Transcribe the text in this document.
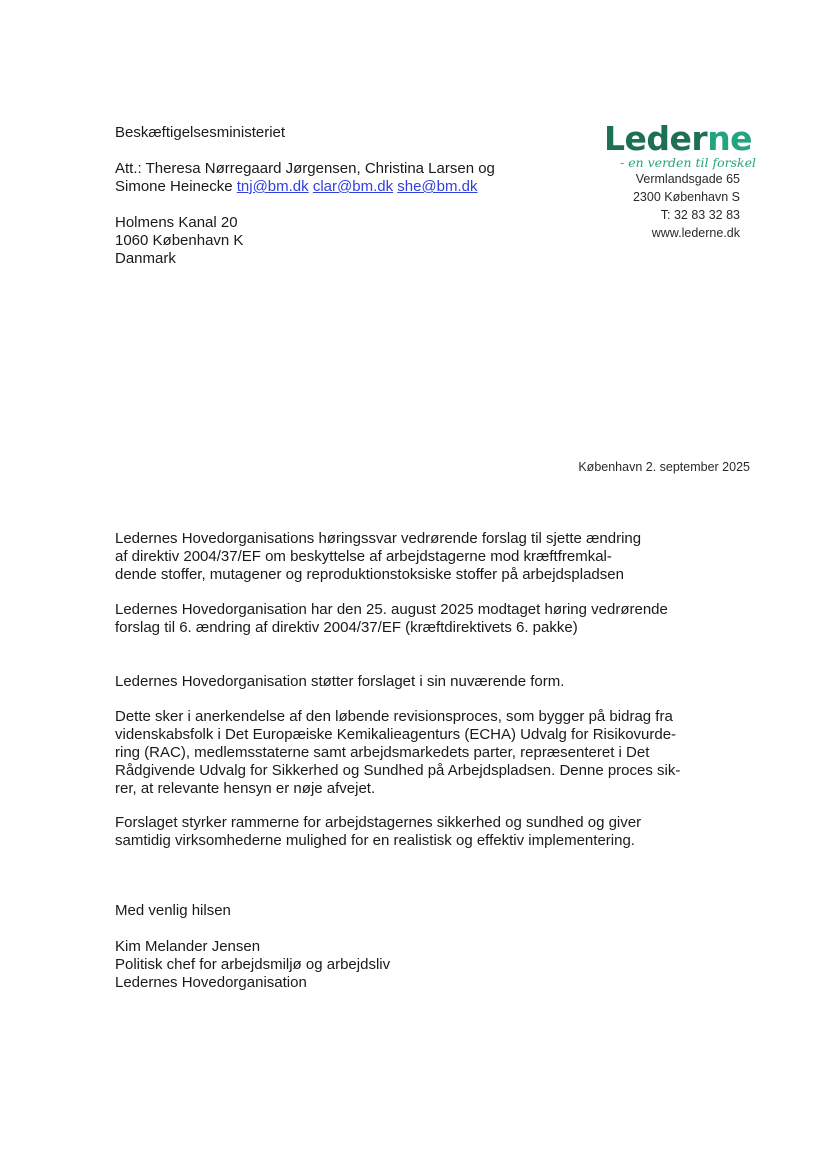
Beskæftigelsesministeriet
Att.: Theresa Nørregaard Jørgensen, Christina Larsen og
Simone Heinecke tnj@bm.dk clar@bm.dk she@bm.dk
Holmens Kanal 20
1060 København K
Danmark
Lederne
- en verden til forskel
Vermlandsgade 65
2300 København S
T: 32 83 32 83
www.lederne.dk
København 2. september 2025
Ledernes Hovedorganisations høringssvar vedrørende forslag til sjette ændring
af direktiv 2004/37/EF om beskyttelse af arbejdstagerne mod kræftfremkal-
dende stoffer, mutagener og reproduktionstoksiske stoffer på arbejdspladsen
Ledernes Hovedorganisation har den 25. august 2025 modtaget høring vedrørende
forslag til 6. ændring af direktiv 2004/37/EF (kræftdirektivets 6. pakke)
Ledernes Hovedorganisation støtter forslaget i sin nuværende form.
Dette sker i anerkendelse af den løbende revisionsproces, som bygger på bidrag fra
videnskabsfolk i Det Europæiske Kemikalieagenturs (ECHA) Udvalg for Risikovurde-
ring (RAC), medlemsstaterne samt arbejdsmarkedets parter, repræsenteret i Det
Rådgivende Udvalg for Sikkerhed og Sundhed på Arbejdspladsen. Denne proces sik-
rer, at relevante hensyn er nøje afvejet.
Forslaget styrker rammerne for arbejdstagernes sikkerhed og sundhed og giver
samtidig virksomhederne mulighed for en realistisk og effektiv implementering.
Med venlig hilsen
Kim Melander Jensen
Politisk chef for arbejdsmiljø og arbejdsliv
Ledernes Hovedorganisation
